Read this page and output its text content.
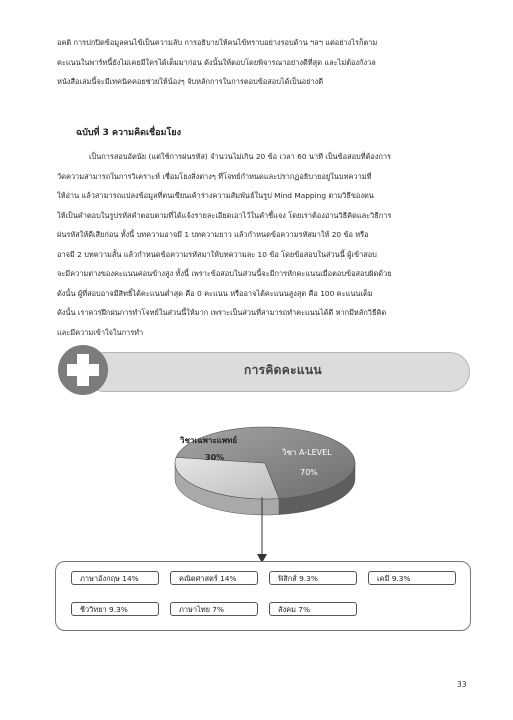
อคติ การปกปิดข้อมูลคนไข้เป็นความลับ การอธิบายให้คนไข้ทราบอย่างรอบด้าน ฯลฯ แต่อย่างไรก็ตาม
คะแนนในพาร์ทนี้ยังไม่เคยมีใครได้เต็มมาก่อน ดังนั้นให้ตอบโดยพิจารณาอย่างดีที่สุด และไม่ต้องกังวล
หนังสือเล่มนี้จะมีเทคนิคคอยช่วยให้น้องๆ จับหลักการในการตอบข้อสอบได้เป็นอย่างดี
ฉบับที่ 3 ความคิดเชื่อมโยง
เป็นการสอบอัตนัย (แต่ใช้การฝนรหัส) จำนวนไม่เกิน 20 ข้อ เวลา 60 นาที เป็นข้อสอบที่ต้องการ
วัดความสามารถในการวิเคราะห์ เชื่อมโยงสิ่งต่างๆ ที่โจทย์กำหนดและปรากฏอธิบายอยู่ในบทความที่
ให้อ่าน แล้วสามารถแปลงข้อมูลที่ตนเขียนเค้าร่างความสัมพันธ์ในรูป Mind Mapping ตามวิธีของตน
ให้เป็นคำตอบในรูปรหัสคำตอบตามที่ได้แจ้งรายละเอียดเอาไว้ในคำชี้แจง โดยเราต้องอ่านวิธีคิดและวิธีการ
ฝนรหัสให้ดีเสียก่อน ทั้งนี้ บทความอาจมี 1 บทความยาว แล้วกำหนดข้อความรหัสมาให้ 20 ข้อ หรือ
อาจมี 2 บทความสั้น แล้วกำหนดข้อความรหัสมาให้บทความละ 10 ข้อ โดยข้อสอบในส่วนนี้ ผู้เข้าสอบ
จะมีความต่างของคะแนนค่อนข้างสูง ทั้งนี้ เพราะข้อสอบในส่วนนี้จะมีการหักคะแนนเมื่อตอบข้อสอบผิดด้วย
ดังนั้น ผู้ที่สอบอาจมีสิทธิ์ได้คะแนนต่ำสุด คือ 0 คะแนน หรืออาจได้คะแนนสูงสุด คือ 100 คะแนนเต็ม
ดังนั้น เราควรฝึกฝนการทำโจทย์ในส่วนนี้ให้มาก เพราะเป็นส่วนที่สามารถทำคะแนนได้ดี หากมีหลักวิธีคิด
และมีความเข้าใจในการทำ
การคิดคะแนน
วิชาเฉพาะแพทย์
30%
วิชา A-LEVEL
70%
ภาษาอังกฤษ 14%	คณิตศาสตร์ 14%	ฟิสิกส์ 9.3%	เคมี 9.3%
ชีววิทยา 9.3%	ภาษาไทย 7%	สังคม 7%
33
